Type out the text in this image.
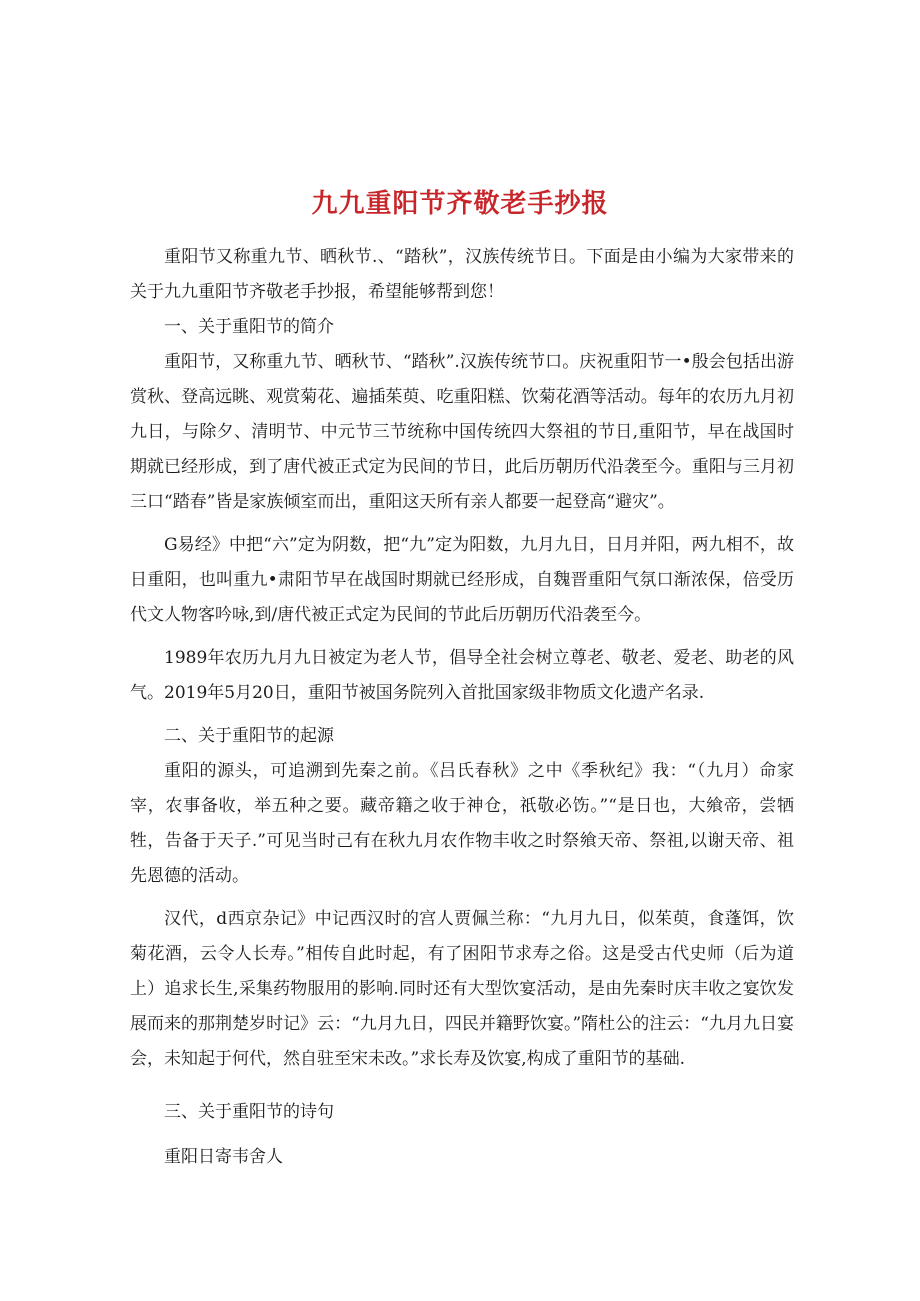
九九重阳节齐敬老手抄报

重阳节又称重九节、晒秋节.、“踏秋”，汉族传统节日。下面是由小编为大家带来的关于九九重阳节齐敬老手抄报，希望能够帮到您！

一、关于重阳节的简介

重阳节，又称重九节、晒秋节、“踏秋”.汉族传统节口。庆祝重阳节一•殷会包括出游赏秋、登高远眺、观赏菊花、遍插茱萸、吃重阳糕、饮菊花酒等活动。每年的农历九月初九日，与除夕、清明节、中元节三节统称中国传统四大祭祖的节日,重阳节，早在战国时期就已经形成，到了唐代被正式定为民间的节日，此后历朝历代沿袭至今。重阳与三月初三口“踏春”皆是家族倾室而出，重阳这天所有亲人都要一起登高“避灾”。

G易经》中把“六”定为阴数，把“九”定为阳数，九月九日，日月并阳，两九相不，故日重阳，也叫重九•肃阳节早在战国时期就已经形成，自魏晋重阳气氛口渐浓保，倍受历代文人物客吟咏,到/唐代被正式定为民间的节此后历朝历代沿袭至今。

1989年农历九月九日被定为老人节，倡导全社会树立尊老、敬老、爱老、助老的风气。2019年5月20日，重阳节被国务院列入首批国家级非物质文化遗产名录.

二、关于重阳节的起源

重阳的源头，可追溯到先秦之前。《吕氏春秋》之中《季秋纪》我：“（九月）命家宰，农事备收，举五种之要。藏帝籍之收于神仓，祇敬必饬。”“是日也，大飨帝，尝牺牲，告备于天子.”可见当时己有在秋九月农作物丰收之时祭飨天帝、祭祖,以谢天帝、祖先恩德的活动。

汉代，d西京杂记》中记西汉时的宫人贾佩兰称：“九月九日，似茱萸，食蓬饵，饮菊花酒，云令人长寿。”相传自此时起，有了困阳节求寿之俗。这是受古代史师（后为道上）追求长生,采集药物服用的影响.同时还有大型饮宴活动，是由先秦时庆丰收之宴饮发展而来的那荆楚岁时记》云：“九月九日，四民并籍野饮宴。”隋杜公的注云：“九月九日宴会，未知起于何代，然自驻至宋未改。”求长寿及饮宴,构成了重阳节的基础.

三、关于重阳节的诗句

重阳日寄韦舍人
